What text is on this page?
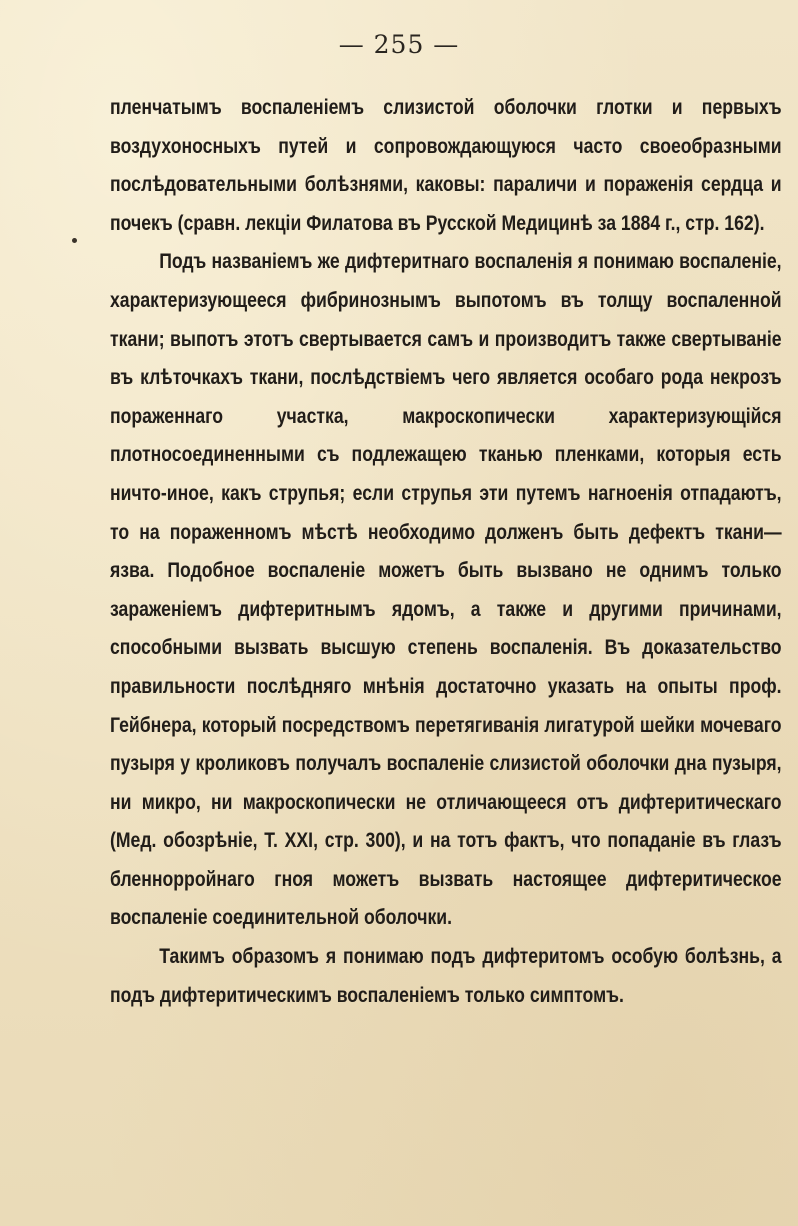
— 255 —

пленчатымъ воспаленіемъ слизистой оболочки глотки и первыхъ воздухоносныхъ путей и сопровождающуюся часто своеобразными послѣдовательными болѣзнями, каковы: параличи и пораженія сердца и почекъ (сравн. лекціи Филатова въ Русской Медицинѣ за 1884 г., стр. 162).

Подъ названіемъ же дифтеритнаго воспаленія я понимаю воспаленіе, характеризующееся фибринознымъ выпотомъ въ толщу воспаленной ткани; выпотъ этотъ свертывается самъ и производитъ также свертываніе въ клѣточкахъ ткани, послѣдствіемъ чего является особаго рода некрозъ пораженнаго участка, макроскопически характеризующійся плотносоединенными съ подлежащею тканью пленками, которыя есть ничто-иное, какъ струпья; если струпья эти путемъ нагноенія отпадаютъ, то на пораженномъ мѣстѣ необходимо долженъ быть дефектъ ткани—язва. Подобное воспаленіе можетъ быть вызвано не однимъ только зараженіемъ дифтеритнымъ ядомъ, а также и другими причинами, способными вызвать высшую степень воспаленія. Въ доказательство правильности послѣдняго мнѣнія достаточно указать на опыты проф. Гейбнера, который посредствомъ перетягиванія лигатурой шейки мочеваго пузыря у кроликовъ получалъ воспаленіе слизистой оболочки дна пузыря, ни микро, ни макроскопически не отличающееся отъ дифтеритическаго (Мед. обозрѣніе, Т. XXI, стр. 300), и на тотъ фактъ, что попаданіе въ глазъ бленнорройнаго гноя можетъ вызвать настоящее дифтеритическое воспаленіе соединительной оболочки.

Такимъ образомъ я понимаю подъ дифтеритомъ особую болѣзнь, а подъ дифтеритическимъ воспаленіемъ только симптомъ.
